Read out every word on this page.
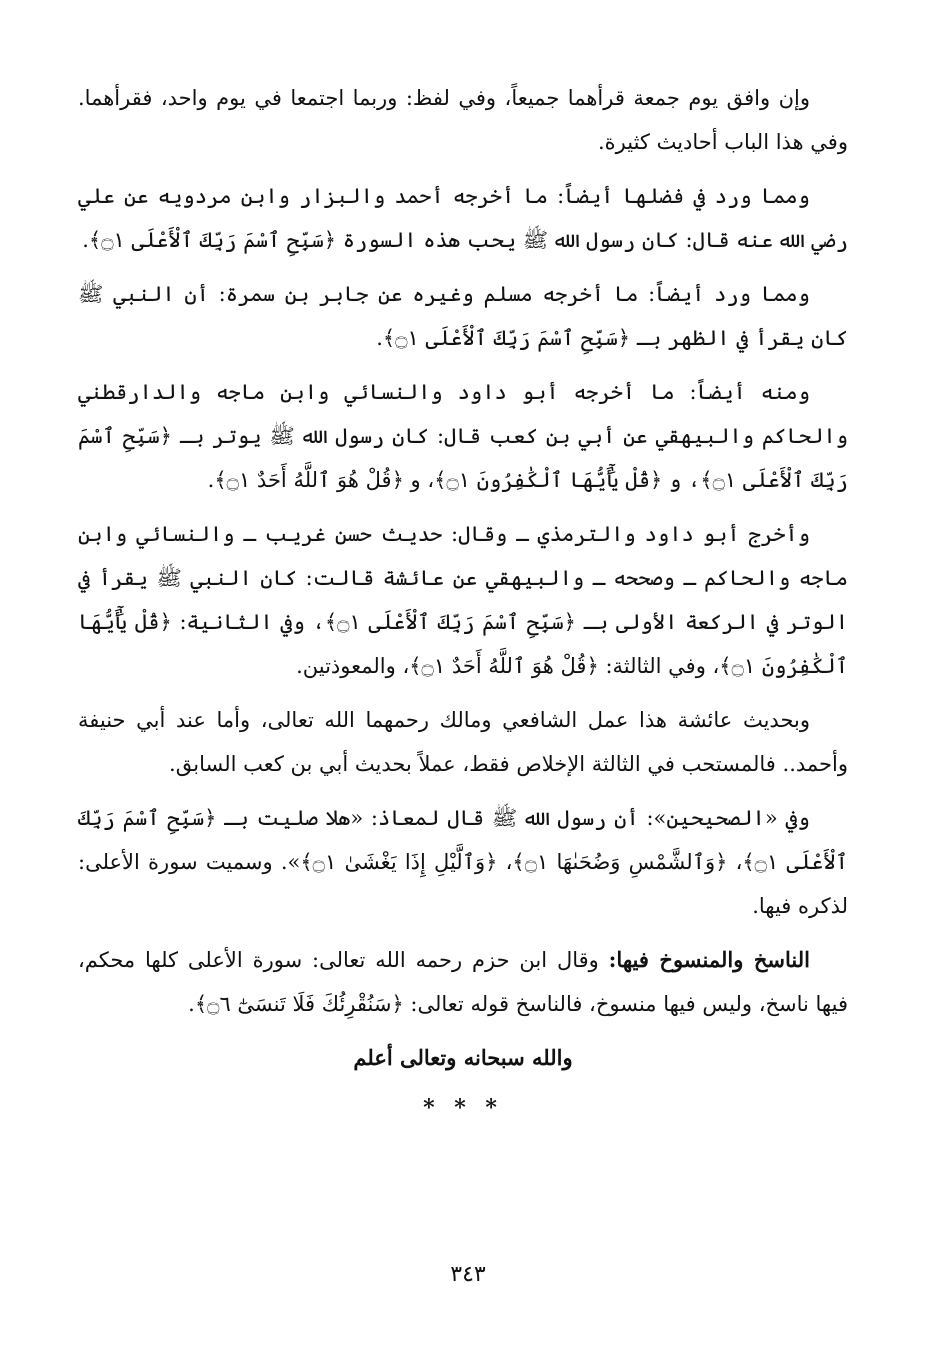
وإن وافق يوم جمعة قرأهما جميعاً، وفي لفظ: وربما اجتمعا في يوم واحد، فقرأهما. وفي هذا الباب أحاديث كثيرة.

ومما ورد في فضلها أيضاً: ما أخرجه أحمد والبزار وابن مردويه عن علي رضي الله عنه قال: كان رسول الله ﷺ يحب هذه السورة ﴿سَبِّحِ ٱسْمَ رَبِّكَ ٱلْأَعْلَى ۝١﴾.

ومما ورد أيضاً: ما أخرجه مسلم وغيره عن جابر بن سمرة: أن النبي ﷺ كان يقرأ في الظهر بـ ﴿سَبِّحِ ٱسْمَ رَبِّكَ ٱلْأَعْلَى ۝١﴾.

ومنه أيضاً: ما أخرجه أبو داود والنسائي وابن ماجه والدارقطني والحاكم والبيهقي عن أبي بن كعب قال: كان رسول الله ﷺ يوتر بـ ﴿سَبِّحِ ٱسْمَ رَبِّكَ ٱلْأَعْلَى ۝١﴾، و ﴿قُلْ يَٰٓأَيُّهَا ٱلْكَٰفِرُونَ ۝١﴾، و ﴿قُلْ هُوَ ٱللَّهُ أَحَدٌ ۝١﴾.

وأخرج أبو داود والترمذي ـ وقال: حديث حسن غريب ـ والنسائي وابن ماجه والحاكم ـ وصححه ـ والبيهقي عن عائشة قالت: كان النبي ﷺ يقرأ في الوتر في الركعة الأولى بـ ﴿سَبِّحِ ٱسْمَ رَبِّكَ ٱلْأَعْلَى ۝١﴾، وفي الثانية: ﴿قُلْ يَٰٓأَيُّهَا ٱلْكَٰفِرُونَ ۝١﴾، وفي الثالثة: ﴿قُلْ هُوَ ٱللَّهُ أَحَدٌ ۝١﴾، والمعوذتين.

وبحديث عائشة هذا عمل الشافعي ومالك رحمهما الله تعالى، وأما عند أبي حنيفة وأحمد.. فالمستحب في الثالثة الإخلاص فقط، عملاً بحديث أبي بن كعب السابق.

وفي «الصحيحين»: أن رسول الله ﷺ قال لمعاذ: «هلا صليت بـ ﴿سَبِّحِ ٱسْمَ رَبِّكَ ٱلْأَعْلَى ۝١﴾، ﴿وَٱلشَّمْسِ وَضُحَىٰهَا ۝١﴾، ﴿وَٱلَّيْلِ إِذَا يَغْشَىٰ ۝١﴾». وسميت سورة الأعلى: لذكره فيها.

الناسخ والمنسوخ فيها: وقال ابن حزم رحمه الله تعالى: سورة الأعلى كلها محكم، فيها ناسخ، وليس فيها منسوخ، فالناسخ قوله تعالى: ﴿سَنُقْرِئُكَ فَلَا تَنسَىٰٓ ۝٦﴾.

والله سبحانه وتعالى أعلم

* * *
٣٤٣
